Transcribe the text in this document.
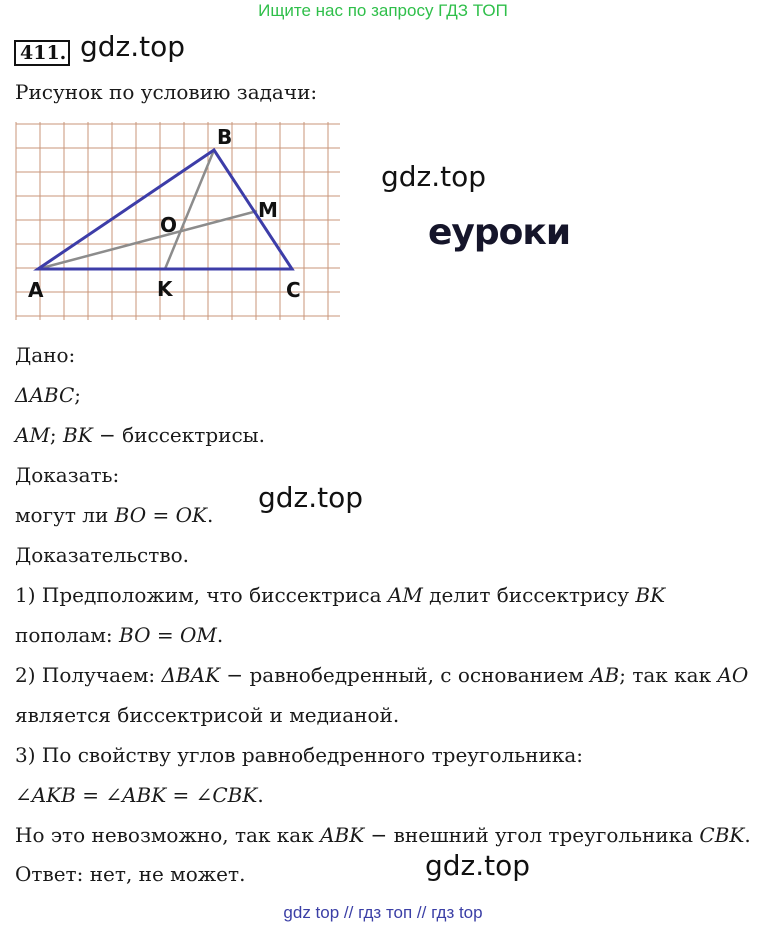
Ищите нас по запросу ГДЗ ТОП
411. gdz.top
Рисунок по условию задачи:
A
B
C
K
M
O
gdz.top
еуроки
Дано:
ΔABC;
AM; BK − биссектрисы.
Доказать:
могут ли BO = OK.
gdz.top
Доказательство.
1) Предположим, что биссектриса AM делит биссектрису BK
пополам: BO = OM.
2) Получаем: ΔBAK − равнобедренный, с основанием AB; так как AO
является биссектрисой и медианой.
3) По свойству углов равнобедренного треугольника:
∠AKB = ∠ABK = ∠CBK.
Но это невозможно, так как ABK − внешний угол треугольника CBK.
Ответ: нет, не может.	gdz.top
gdz top // гдз топ // гдз top
